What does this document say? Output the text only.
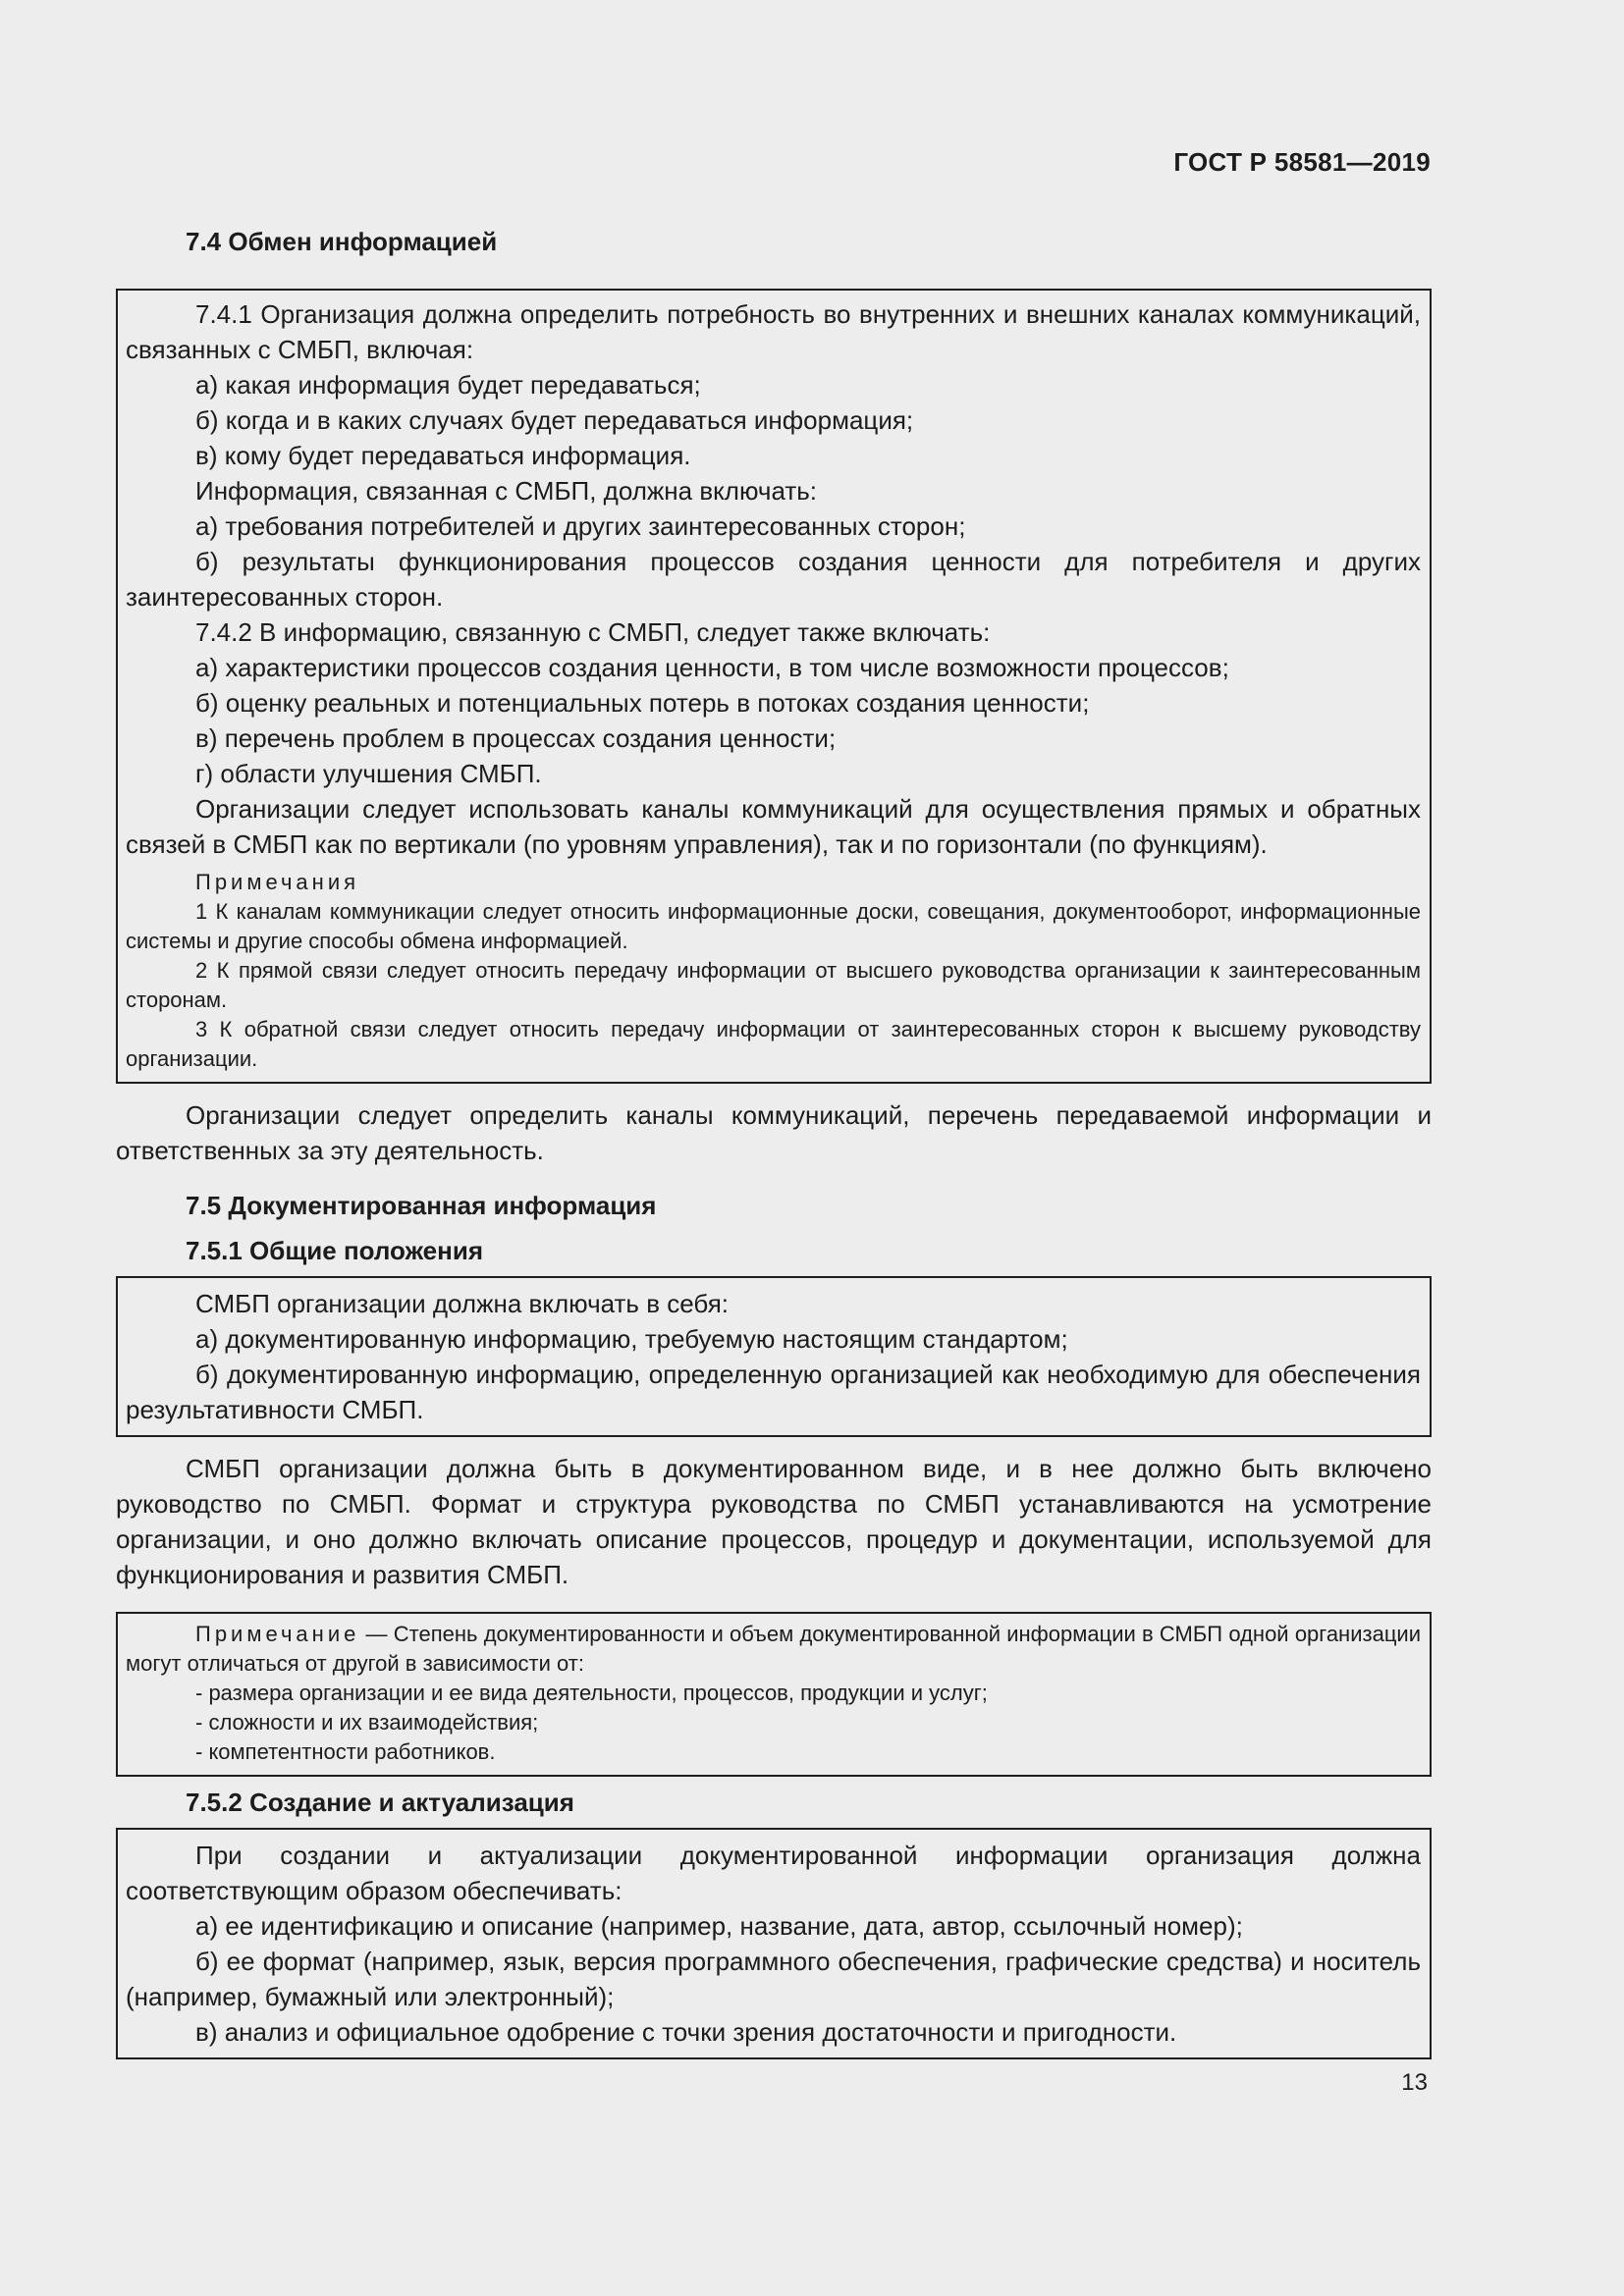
ГОСТ Р 58581—2019
7.4 Обмен информацией

7.4.1 Организация должна определить потребность во внутренних и внешних каналах коммуникаций, связанных с СМБП, включая:

а) какая информация будет передаваться;

б) когда и в каких случаях будет передаваться информация;

в) кому будет передаваться информация.

Информация, связанная с СМБП, должна включать:

а) требования потребителей и других заинтересованных сторон;

б) результаты функционирования процессов создания ценности для потребителя и других заинтересованных сторон.

7.4.2 В информацию, связанную с СМБП, следует также включать:

а) характеристики процессов создания ценности, в том числе возможности процессов;

б) оценку реальных и потенциальных потерь в потоках создания ценности;

в) перечень проблем в процессах создания ценности;

г) области улучшения СМБП.

Организации следует использовать каналы коммуникаций для осуществления прямых и обратных связей в СМБП как по вертикали (по уровням управления), так и по горизонтали (по функциям).

Примечания

1 К каналам коммуникации следует относить информационные доски, совещания, документооборот, информационные системы и другие способы обмена информацией.

2 К прямой связи следует относить передачу информации от высшего руководства организации к заинтересованным сторонам.

3 К обратной связи следует относить передачу информации от заинтересованных сторон к высшему руководству организации.

Организации следует определить каналы коммуникаций, перечень передаваемой информации и ответственных за эту деятельность.

7.5 Документированная информация
7.5.1 Общие положения

СМБП организации должна включать в себя:

а) документированную информацию, требуемую настоящим стандартом;

б) документированную информацию, определенную организацией как необходимую для обеспечения результативности СМБП.

СМБП организации должна быть в документированном виде, и в нее должно быть включено руководство по СМБП. Формат и структура руководства по СМБП устанавливаются на усмотрение организации, и оно должно включать описание процессов, процедур и документации, используемой для функционирования и развития СМБП.

Примечание — Степень документированности и объем документированной информации в СМБП одной организации могут отличаться от другой в зависимости от:

- размера организации и ее вида деятельности, процессов, продукции и услуг;

- сложности и их взаимодействия;

- компетентности работников.

7.5.2 Создание и актуализация

При создании и актуализации документированной информации организация должна соответствующим образом обеспечивать:

а) ее идентификацию и описание (например, название, дата, автор, ссылочный номер);

б) ее формат (например, язык, версия программного обеспечения, графические средства) и носитель (например, бумажный или электронный);

в) анализ и официальное одобрение с точки зрения достаточности и пригодности.

13
